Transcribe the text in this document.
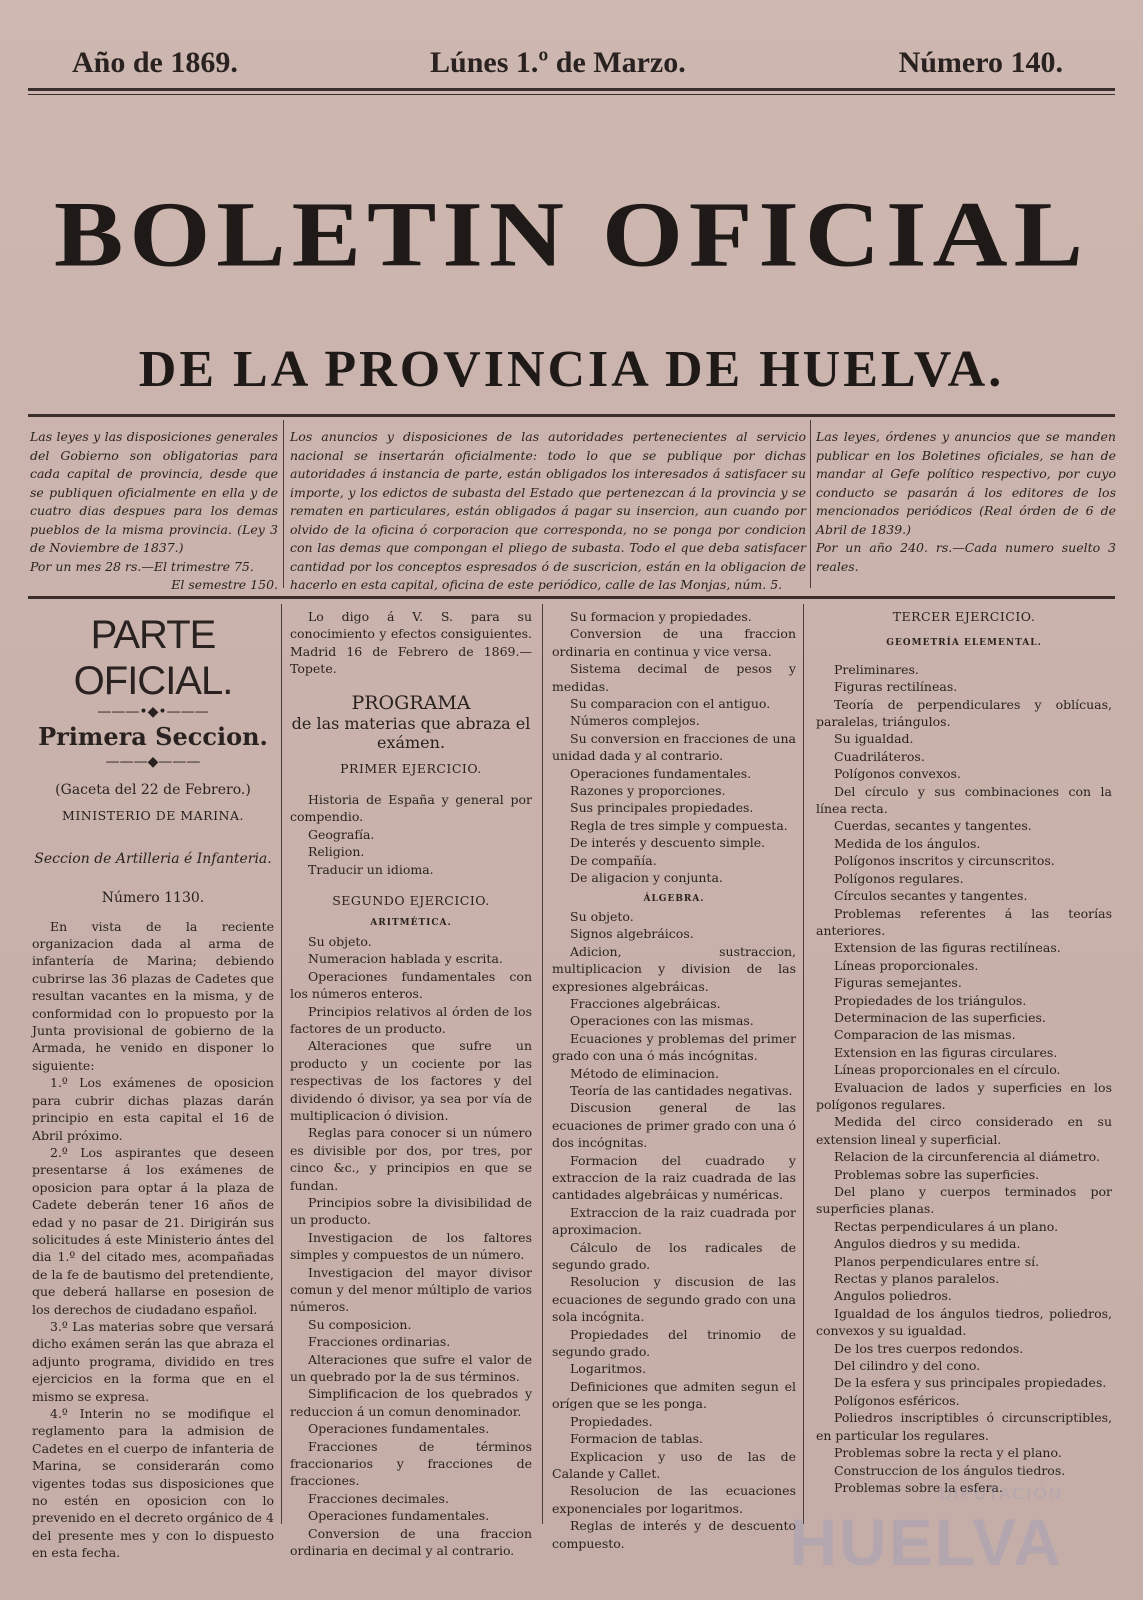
Año de 1869.	Lúnes 1.º de Marzo.	Número 140.
BOLETIN OFICIAL
DE LA PROVINCIA DE HUELVA.
Las leyes y las disposiciones generales del Gobierno son obligatorias para cada capital de provincia, desde que se publiquen oficialmente en ella y de cuatro dias despues para los demas pueblos de la misma provincia. (Ley 3 de Noviembre de 1837.)
Por un mes 28 rs.—El trimestre 75.
El semestre 150.
Los anuncios y disposiciones de las autoridades pertenecientes al servicio nacional se insertarán oficialmente: todo lo que se publique por dichas autoridades á instancia de parte, están obligados los interesados á satisfacer su importe, y los edictos de subasta del Estado que pertenezcan á la provincia y se rematen en particulares, están obligados á pagar su insercion, aun cuando por olvido de la oficina ó corporacion que corresponda, no se ponga por condicion con las demas que compongan el pliego de subasta. Todo el que deba satisfacer cantidad por los conceptos espresados ó de suscricion, están en la obligacion de hacerlo en esta capital, oficina de este periódico, calle de las Monjas, núm. 5.
Las leyes, órdenes y anuncios que se manden publicar en los Boletines oficiales, se han de mandar al Gefe político respectivo, por cuyo conducto se pasarán á los editores de los mencionados periódicos (Real órden de 6 de Abril de 1839.)
Por un año 240. rs.—Cada numero suelto 3 reales.

PARTE OFICIAL.

———•◆•———

Primera Seccion.

———◆———

(Gaceta del 22 de Febrero.)

MINISTERIO DE MARINA.

Seccion de Artilleria é Infanteria.

Número 1130.

En vista de la reciente organizacion dada al arma de infantería de Marina; debiendo cubrirse las 36 plazas de Cadetes que resultan vacantes en la misma, y de conformidad con lo propuesto por la Junta provisional de gobierno de la Armada, he venido en disponer lo siguiente:

1.º Los exámenes de oposicion para cubrir dichas plazas darán principio en esta capital el 16 de Abril próximo.

2.º Los aspirantes que deseen presentarse á los exámenes de oposicion para optar á la plaza de Cadete deberán tener 16 años de edad y no pasar de 21. Dirigirán sus solicitudes á este Ministerio ántes del dia 1.º del citado mes, acompañadas de la fe de bautismo del pretendiente, que deberá hallarse en posesion de los derechos de ciudadano español.

3.º Las materias sobre que versará dicho exámen serán las que abraza el adjunto programa, dividido en tres ejercicios en la forma que en el mismo se expresa.

4.º Interin no se modifique el reglamento para la admision de Cadetes en el cuerpo de infanteria de Marina, se considerarán como vigentes todas sus disposiciones que no estén en oposicion con lo prevenido en el decreto orgánico de 4 del presente mes y con lo dispuesto en esta fecha.

Lo digo á V. S. para su conocimiento y efectos consiguientes. Madrid 16 de Febrero de 1869.—Topete.

PROGRAMA

de las materias que abraza el exámen.

PRIMER EJERCICIO.

Historia de España y general por compendio.

Geografía.

Religion.

Traducir un idioma.

SEGUNDO EJERCICIO.

ARITMÉTICA.

Su objeto.

Numeracion hablada y escrita.

Operaciones fundamentales con los números enteros.

Principios relativos al órden de los factores de un producto.

Alteraciones que sufre un producto y un cociente por las respectivas de los factores y del dividendo ó divisor, ya sea por vía de multiplicacion ó division.

Reglas para conocer si un número es divisible por dos, por tres, por cinco &c., y principios en que se fundan.

Principios sobre la divisibilidad de un producto.

Investigacion de los faltores simples y compuestos de un número.

Investigacion del mayor divisor comun y del menor múltiplo de varios números.

Su composicion.

Fracciones ordinarias.

Alteraciones que sufre el valor de un quebrado por la de sus términos.

Simplificacion de los quebrados y reduccion á un comun denominador.

Operaciones fundamentales.

Fracciones de términos fraccionarios y fracciones de fracciones.

Fracciones decimales.

Operaciones fundamentales.

Conversion de una fraccion ordinaria en decimal y al contrario.

Su formacion y propiedades.

Conversion de una fraccion ordinaria en continua y vice versa.

Sistema decimal de pesos y medidas.

Su comparacion con el antiguo.

Números complejos.

Su conversion en fracciones de una unidad dada y al contrario.

Operaciones fundamentales.

Razones y proporciones.

Sus principales propiedades.

Regla de tres simple y compuesta.

De interés y descuento simple.

De compañía.

De aligacion y conjunta.

ÁLGEBRA.

Su objeto.

Signos algebráicos.

Adicion, sustraccion, multiplicacion y division de las expresiones algebráicas.

Fracciones algebráicas.

Operaciones con las mismas.

Ecuaciones y problemas del primer grado con una ó más incógnitas.

Método de eliminacion.

Teoría de las cantidades negativas.

Discusion general de las ecuaciones de primer grado con una ó dos incógnitas.

Formacion del cuadrado y extraccion de la raiz cuadrada de las cantidades algebráicas y numéricas.

Extraccion de la raiz cuadrada por aproximacion.

Cálculo de los radicales de segundo grado.

Resolucion y discusion de las ecuaciones de segundo grado con una sola incógnita.

Propiedades del trinomio de segundo grado.

Logaritmos.

Definiciones que admiten segun el orígen que se les ponga.

Propiedades.

Formacion de tablas.

Explicacion y uso de las de Calande y Callet.

Resolucion de las ecuaciones exponenciales por logaritmos.

Reglas de interés y de descuento compuesto.

TERCER EJERCICIO.

GEOMETRÍA ELEMENTAL.

Preliminares.

Figuras rectilíneas.

Teoría de perpendiculares y oblícuas, paralelas, triángulos.

Su igualdad.

Cuadriláteros.

Polígonos convexos.

Del círculo y sus combinaciones con la línea recta.

Cuerdas, secantes y tangentes.

Medida de los ángulos.

Polígonos inscritos y circunscritos.

Polígonos regulares.

Círculos secantes y tangentes.

Problemas referentes á las teorías anteriores.

Extension de las figuras rectilíneas.

Líneas proporcionales.

Figuras semejantes.

Propiedades de los triángulos.

Determinacion de las superficies.

Comparacion de las mismas.

Extension en las figuras circulares.

Líneas proporcionales en el círculo.

Evaluacion de lados y superficies en los polígonos regulares.

Medida del circo considerado en su extension lineal y superficial.

Relacion de la circunferencia al diámetro.

Problemas sobre las superficies.

Del plano y cuerpos terminados por superficies planas.

Rectas perpendiculares á un plano.

Angulos diedros y su medida.

Planos perpendiculares entre sí.

Rectas y planos paralelos.

Angulos poliedros.

Igualdad de los ángulos tiedros, poliedros, convexos y su igualdad.

De los tres cuerpos redondos.

Del cilindro y del cono.

De la esfera y sus principales propiedades.

Polígonos esféricos.

Poliedros inscriptibles ó circunscriptibles, en particular los regulares.

Problemas sobre la recta y el plano.

Construccion de los ángulos tiedros.

Problemas sobre la esfera.

DIPUTACIÓN
HUELVA
